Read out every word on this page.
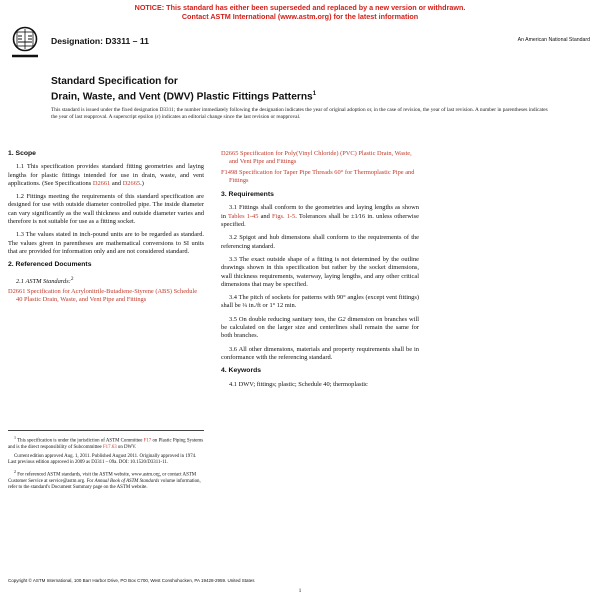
NOTICE: This standard has either been superseded and replaced by a new version or withdrawn.
Contact ASTM International (www.astm.org) for the latest information
Designation: D3311 – 11	An American National Standard
Standard Specification for
Drain, Waste, and Vent (DWV) Plastic Fittings Patterns$^1$
This standard is issued under the fixed designation D3311; the number immediately following the designation indicates the year of original adoption or, in the case of revision, the year of last revision. A number in parentheses indicates the year of last reapproval. A superscript epsilon (ε) indicates an editorial change since the last revision or reapproval.
1. Scope

1.1 This specification provides standard fitting geometries and laying lengths for plastic fittings intended for use in drain, waste, and vent applications. (See Specifications D2661 and D2665.)

1.2 Fittings meeting the requirements of this standard specification are designed for use with outside diameter controlled pipe. The inside diameter can vary significantly as the wall thickness and outside diameter varies and therefore is not suitable for use as a fitting socket.

1.3 The values stated in inch-pound units are to be regarded as standard. The values given in parentheses are mathematical conversions to SI units that are provided for information only and are not considered standard.

2. Referenced Documents
2.1 ASTM Standards:$^2$
D2661 Specification for Acrylonitrile-Butadiene-Styrene (ABS) Schedule 40 Plastic Drain, Waste, and Vent Pipe and Fittings
D2665 Specification for Poly(Vinyl Chloride) (PVC) Plastic Drain, Waste, and Vent Pipe and Fittings
F1498 Specification for Taper Pipe Threads 60° for Thermoplastic Pipe and Fittings
3. Requirements

3.1 Fittings shall conform to the geometries and laying lengths as shown in Tables 1-45 and Figs. 1-5. Tolerances shall be ±1⁄16 in. unless otherwise specified.

3.2 Spigot and hub dimensions shall conform to the requirements of the referencing standard.

3.3 The exact outside shape of a fitting is not determined by the outline drawings shown in this specification but rather by the socket dimensions, wall thickness requirements, waterway, laying lengths, and any other critical dimensions that may be specified.

3.4 The pitch of sockets for patterns with 90° angles (except vent fittings) shall be ¼ in./ft or 1° 12 min.

3.5 On double reducing sanitary tees, the G2 dimension on branches will be calculated on the larger size and centerlines shall remain the same for both branches.

3.6 All other dimensions, materials and property requirements shall be in conformance with the referencing standard.

4. Keywords

4.1 DWV; fittings; plastic; Schedule 40; thermoplastic

$^1$ This specification is under the jurisdiction of ASTM Committee F17 on Plastic Piping Systems and is the direct responsibility of Subcommittee F17.63 on DWV.

Current edition approved Aug. 1, 2011. Published August 2011. Originally approved in 1974. Last previous edition approved in 2009 as D3311 – 09a. DOI: 10.1520/D3311-11.

$^2$ For referenced ASTM standards, visit the ASTM website, www.astm.org, or contact ASTM Customer Service at service@astm.org. For Annual Book of ASTM Standards volume information, refer to the standard's Document Summary page on the ASTM website.

Copyright © ASTM International, 100 Barr Harbor Drive, PO Box C700, West Conshohocken, PA 19428-2959. United States
1
